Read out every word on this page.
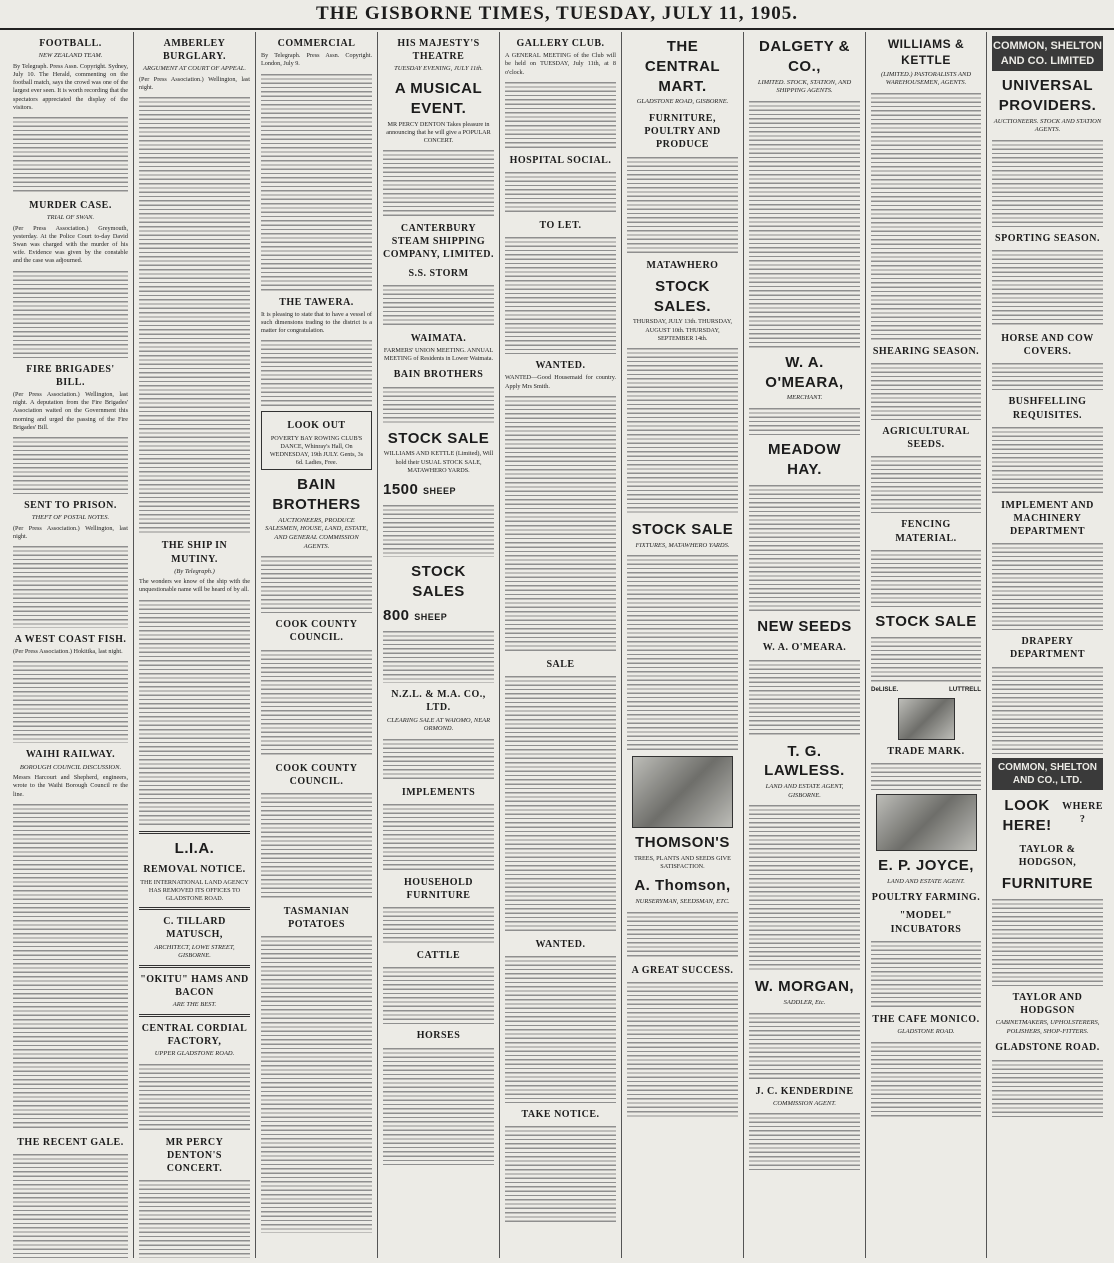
THE GISBORNE TIMES, TUESDAY, JULY 11, 1905.
FOOTBALL.
NEW ZEALAND TEAM.
By Telegraph. Press Assn. Copyright. Sydney, July 10. The Herald, commenting on the football match, says the crowd was one of the largest ever seen. It is worth recording that the spectators appreciated the display of the visitors.
MURDER CASE.
TRIAL OF SWAN.
(Per Press Association.) Greymouth, yesterday. At the Police Court to-day David Swan was charged with the murder of his wife. Evidence was given by the constable and the case was adjourned.
FIRE BRIGADES' BILL.
(Per Press Association.) Wellington, last night. A deputation from the Fire Brigades' Association waited on the Government this morning and urged the passing of the Fire Brigades' Bill.
SENT TO PRISON.
THEFT OF POSTAL NOTES.
(Per Press Association.) Wellington, last night.
A WEST COAST FISH.
(Per Press Association.) Hokitika, last night.
WAIHI RAILWAY.
BOROUGH COUNCIL DISCUSSION.
Messrs Harcourt and Shepherd, engineers, wrote to the Waihi Borough Council re the line.
THE RECENT GALE.
AMBERLEY BURGLARY.
ARGUMENT AT COURT OF APPEAL.
(Per Press Association.) Wellington, last night.
THE SHIP IN MUTINY.
(By Telegraph.)
The wonders we know of the ship with the unquestionable name will be heard of by all.
L.I.A.
REMOVAL NOTICE.
THE INTERNATIONAL LAND AGENCY HAS REMOVED ITS OFFICES TO GLADSTONE ROAD.
C. TILLARD MATUSCH,
ARCHITECT, LOWE STREET, GISBORNE.
"OKITU" HAMS AND BACON
ARE THE BEST.
CENTRAL CORDIAL FACTORY,
UPPER GLADSTONE ROAD.
MR PERCY DENTON'S CONCERT.
COMMERCIAL
By Telegraph. Press Assn. Copyright. London, July 9.
THE TAWERA.
It is pleasing to state that to have a vessel of such dimensions trading to the district is a matter for congratulation.
LOOK OUT
POVERTY BAY ROWING CLUB'S DANCE, Whinray's Hall, On WEDNESDAY, 19th JULY. Gents, 3s 6d. Ladies, Free.
BAIN BROTHERS
AUCTIONEERS, PRODUCE SALESMEN, HOUSE, LAND, ESTATE, AND GENERAL COMMISSION AGENTS.
COOK COUNTY COUNCIL.
COOK COUNTY COUNCIL.
TASMANIAN POTATOES
HIS MAJESTY'S THEATRE
TUESDAY EVENING, JULY 11th.
A MUSICAL EVENT.
MR PERCY DENTON Takes pleasure in announcing that he will give a POPULAR CONCERT.
CANTERBURY STEAM SHIPPING COMPANY, LIMITED.
S.S. STORM
WAIMATA.
FARMERS' UNION MEETING. ANNUAL MEETING of Residents in Lower Waimata.
BAIN BROTHERS
STOCK SALE
WILLIAMS AND KETTLE (Limited), Will hold their USUAL STOCK SALE, MATAWHERO YARDS.
1500 SHEEP
STOCK SALES
800 SHEEP
N.Z.L. & M.A. CO., LTD.
CLEARING SALE AT WAIOMO, NEAR ORMOND.
IMPLEMENTS
HOUSEHOLD FURNITURE
CATTLE
HORSES
GALLERY CLUB.
A GENERAL MEETING of the Club will be held on TUESDAY, July 11th, at 8 o'clock.
HOSPITAL SOCIAL.
TO LET.
WANTED.
WANTED—Good Housemaid for country. Apply Mrs Smith.
SALE
WANTED.
TAKE NOTICE.
THE CENTRAL MART.
GLADSTONE ROAD, GISBORNE.
FURNITURE, POULTRY AND PRODUCE
MATAWHERO
STOCK SALES.
THURSDAY, JULY 13th. THURSDAY, AUGUST 10th. THURSDAY, SEPTEMBER 14th.
STOCK SALE
FIXTURES, MATAWHERO YARDS.
THOMSON'S
TREES, PLANTS AND SEEDS GIVE SATISFACTION.
A. Thomson,
NURSERYMAN, SEEDSMAN, ETC.
A GREAT SUCCESS.
DALGETY & CO.,
LIMITED. STOCK, STATION, AND SHIPPING AGENTS.
W. A. O'MEARA,
MERCHANT.
MEADOW HAY.
NEW SEEDS
W. A. O'MEARA.
T. G. LAWLESS.
LAND AND ESTATE AGENT, GISBORNE.
W. MORGAN,
SADDLER, Etc.
J. C. KENDERDINE
COMMISSION AGENT.
WILLIAMS & KETTLE
(LIMITED.) PASTORALISTS AND WAREHOUSEMEN, AGENTS.
SHEARING SEASON.
AGRICULTURAL SEEDS.
FENCING MATERIAL.
STOCK SALE
DeLISLE.	LUTTRELL
TRADE MARK.
E. P. JOYCE,
LAND AND ESTATE AGENT.
POULTRY FARMING.
"MODEL" INCUBATORS
THE CAFE MONICO.
GLADSTONE ROAD.
COMMON, SHELTON AND CO. LIMITED
UNIVERSAL PROVIDERS.
AUCTIONEERS. STOCK AND STATION AGENTS.
SPORTING SEASON.
HORSE AND COW COVERS.
BUSHFELLING REQUISITES.
IMPLEMENT AND MACHINERY DEPARTMENT
DRAPERY DEPARTMENT
COMMON, SHELTON AND CO., LTD.
LOOK HERE!
WHERE ?
TAYLOR & HODGSON,
FURNITURE
TAYLOR AND HODGSON
CABINETMAKERS, UPHOLSTERERS, POLISHERS, SHOP-FITTERS.
GLADSTONE ROAD.
